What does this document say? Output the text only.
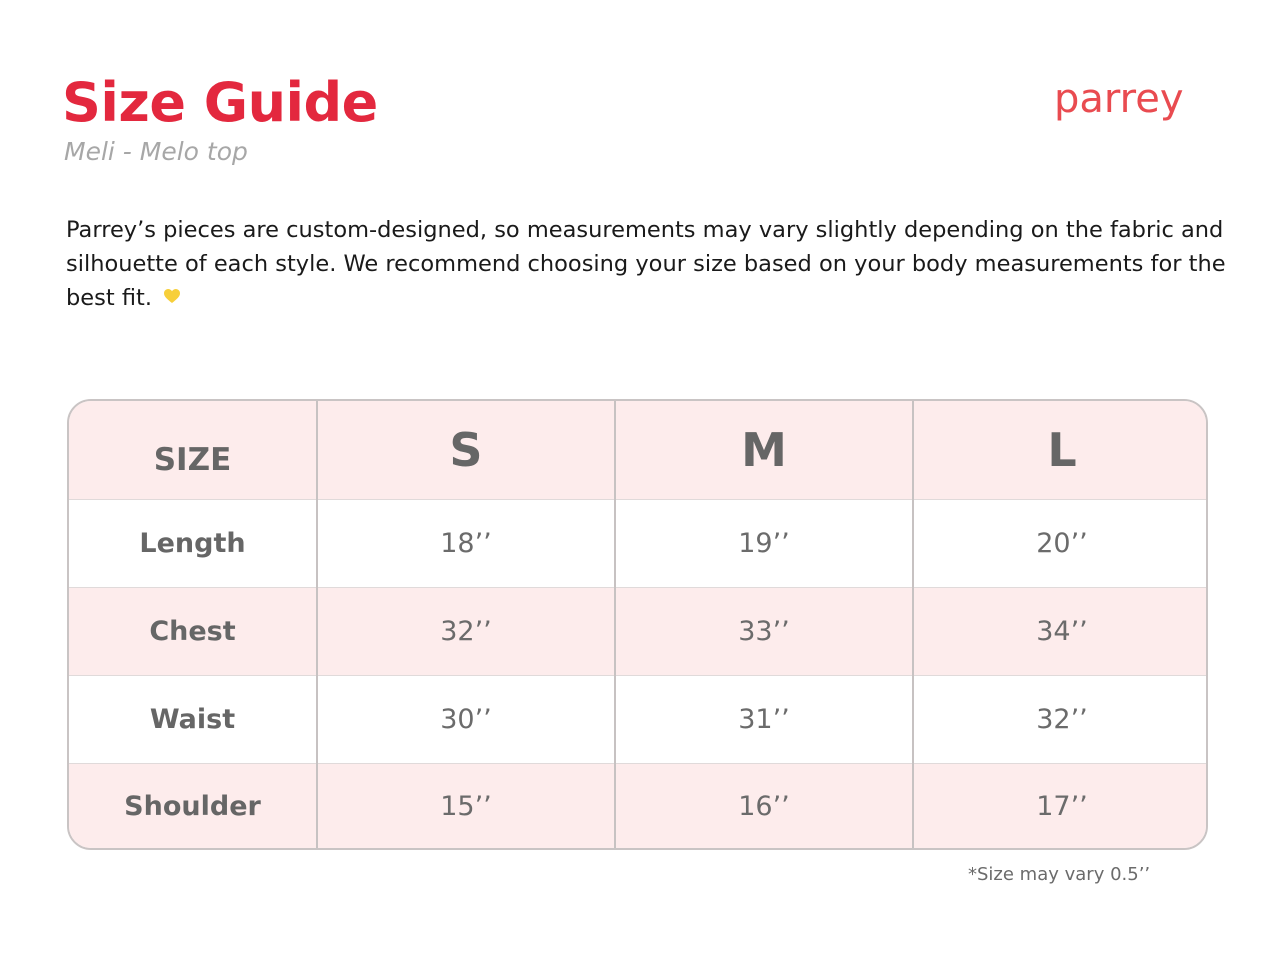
Size Guide
Meli - Melo top
parrey
Parrey’s pieces are custom-designed, so measurements may vary slightly depending on the fabric and silhouette of each style. We recommend choosing your size based on your body measurements for the best fit.
SIZE	S	M	L
Length	18’’	19’’	20’’
Chest	32’’	33’’	34’’
Waist	30’’	31’’	32’’
Shoulder	15’’	16’’	17’’
*Size may vary 0.5’’
